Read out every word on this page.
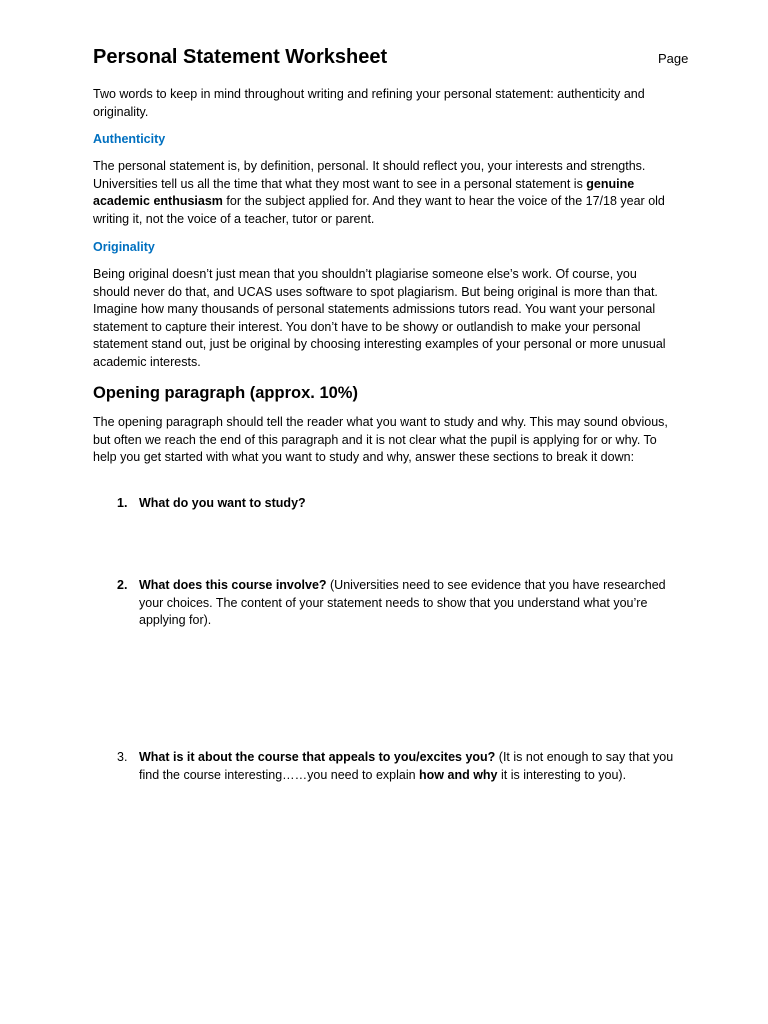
Personal Statement Worksheet	Page
Two words to keep in mind throughout writing and refining your personal statement: authenticity and originality.
Authenticity
The personal statement is, by definition, personal. It should reflect you, your interests and strengths. Universities tell us all the time that what they most want to see in a personal statement is genuine academic enthusiasm for the subject applied for. And they want to hear the voice of the 17/18 year old writing it, not the voice of a teacher, tutor or parent.
Originality
Being original doesn’t just mean that you shouldn’t plagiarise someone else’s work. Of course, you should never do that, and UCAS uses software to spot plagiarism. But being original is more than that. Imagine how many thousands of personal statements admissions tutors read. You want your personal statement to capture their interest. You don’t have to be showy or outlandish to make your personal statement stand out, just be original by choosing interesting examples of your personal or more unusual academic interests.
Opening paragraph (approx. 10%)
The opening paragraph should tell the reader what you want to study and why. This may sound obvious, but often we reach the end of this paragraph and it is not clear what the pupil is applying for or why. To help you get started with what you want to study and why, answer these sections to break it down:
1. What do you want to study?
2. What does this course involve? (Universities need to see evidence that you have researched your choices. The content of your statement needs to show that you understand what you’re applying for).
3. What is it about the course that appeals to you/excites you? (It is not enough to say that you find the course interesting……you need to explain how and why it is interesting to you).
